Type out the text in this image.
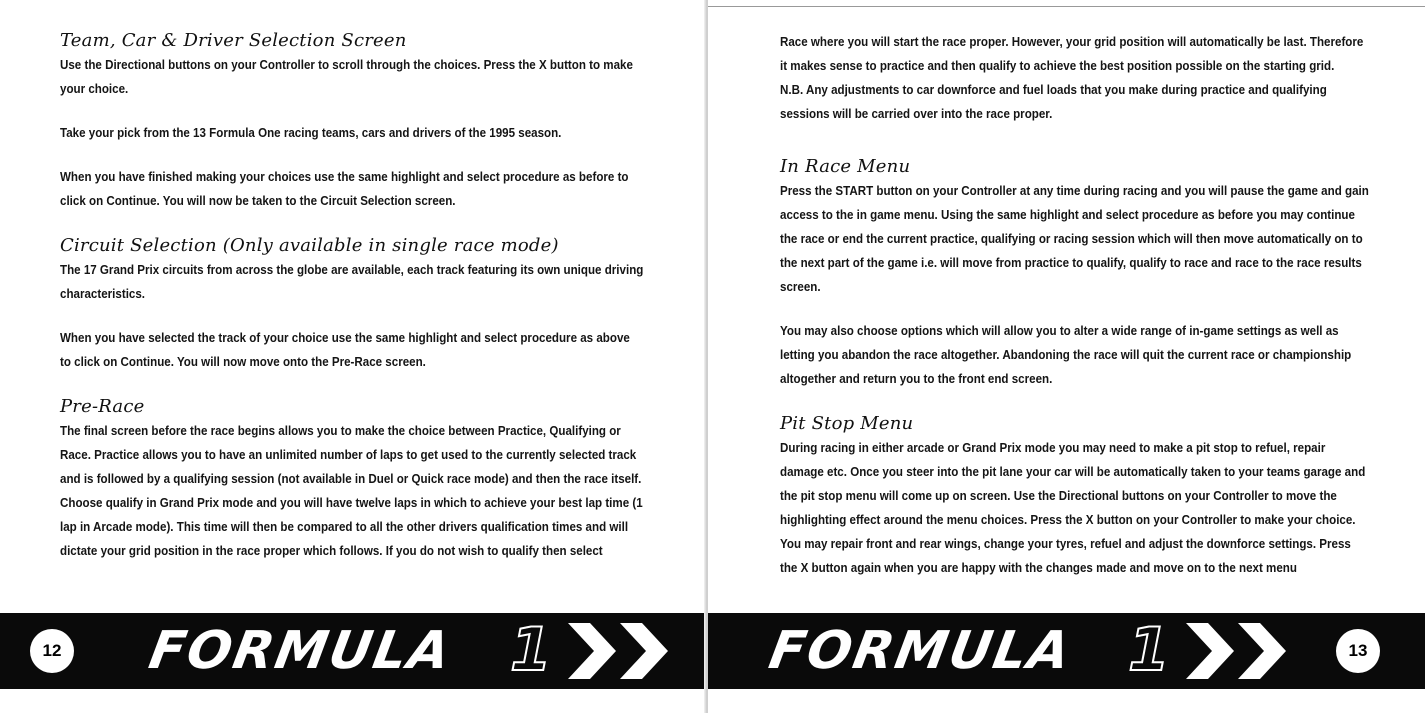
Team, Car & Driver Selection Screen

Use the Directional buttons on your Controller to scroll through the choices. Press the X button to make your choice.

Take your pick from the 13 Formula One racing teams, cars and drivers of the 1995 season.

When you have finished making your choices use the same highlight and select procedure as before to click on Continue. You will now be taken to the Circuit Selection screen.

Circuit Selection (Only available in single race mode)

The 17 Grand Prix circuits from across the globe are available, each track featuring its own unique driving characteristics.

When you have selected the track of your choice use the same highlight and select procedure as above to click on Continue. You will now move onto the Pre-Race screen.

Pre-Race

The final screen before the race begins allows you to make the choice between Practice, Qualifying or Race. Practice allows you to have an unlimited number of laps to get used to the currently selected track and is followed by a qualifying session (not available in Duel or Quick race mode) and then the race itself. Choose qualify in Grand Prix mode and you will have twelve laps in which to achieve your best lap time (1 lap in Arcade mode). This time will then be compared to all the other drivers qualification times and will dictate your grid position in the race proper which follows. If you do not wish to qualify then select

12 FORMULA 1

Race where you will start the race proper. However, your grid position will automatically be last. Therefore it makes sense to practice and then qualify to achieve the best position possible on the starting grid.

N.B. Any adjustments to car downforce and fuel loads that you make during practice and qualifying sessions will be carried over into the race proper.

In Race Menu

Press the START button on your Controller at any time during racing and you will pause the game and gain access to the in game menu. Using the same highlight and select procedure as before you may continue the race or end the current practice, qualifying or racing session which will then move automatically on to the next part of the game i.e. will move from practice to qualify, qualify to race and race to the race results screen.

You may also choose options which will allow you to alter a wide range of in-game settings as well as letting you abandon the race altogether. Abandoning the race will quit the current race or championship altogether and return you to the front end screen.

Pit Stop Menu

During racing in either arcade or Grand Prix mode you may need to make a pit stop to refuel, repair damage etc. Once you steer into the pit lane your car will be automatically taken to your teams garage and the pit stop menu will come up on screen. Use the Directional buttons on your Controller to move the highlighting effect around the menu choices. Press the X button on your Controller to make your choice. You may repair front and rear wings, change your tyres, refuel and adjust the downforce settings. Press the X button again when you are happy with the changes made and move on to the next menu

FORMULA 1	13
